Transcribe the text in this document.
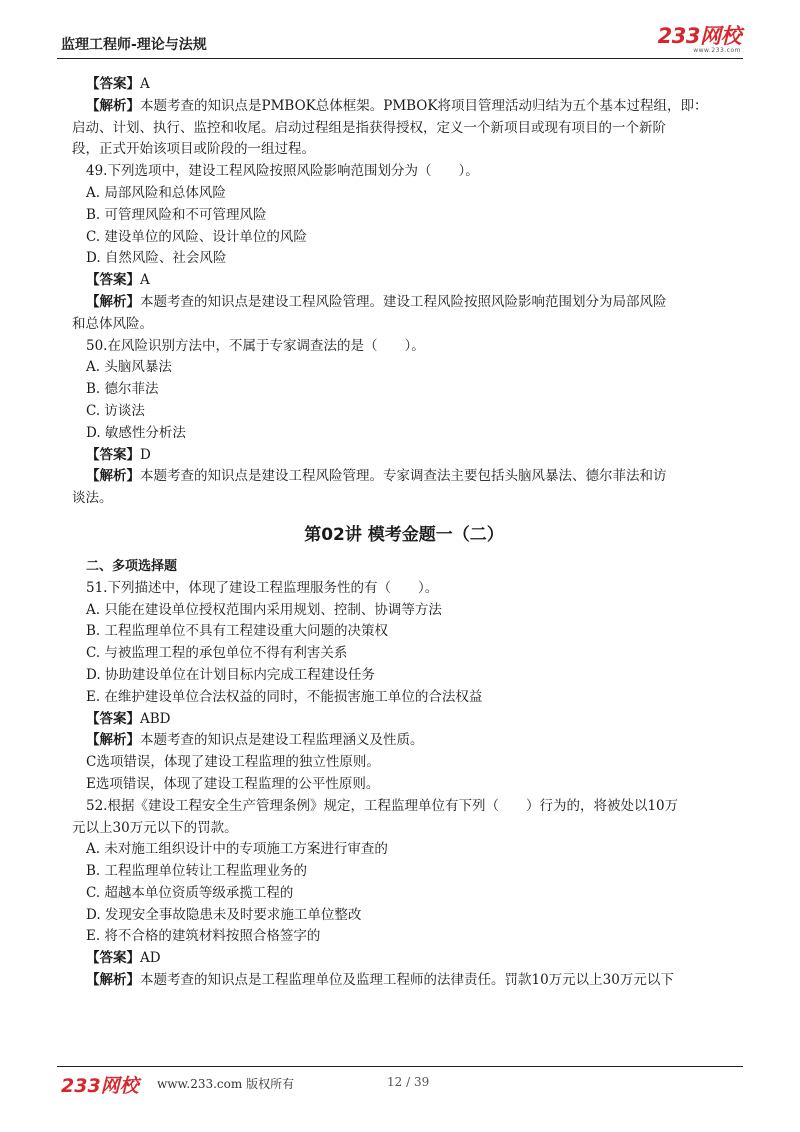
监理工程师-理论与法规	233网校
www.233.com
【答案】A
【解析】本题考查的知识点是PMBOK总体框架。PMBOK将项目管理活动归结为五个基本过程组，即：
启动、计划、执行、监控和收尾。启动过程组是指获得授权，定义一个新项目或现有项目的一个新阶
段，正式开始该项目或阶段的一组过程。
49.下列选项中，建设工程风险按照风险影响范围划分为（　　）。
A. 局部风险和总体风险
B. 可管理风险和不可管理风险
C. 建设单位的风险、设计单位的风险
D. 自然风险、社会风险
【答案】A
【解析】本题考查的知识点是建设工程风险管理。建设工程风险按照风险影响范围划分为局部风险
和总体风险。
50.在风险识别方法中，不属于专家调查法的是（　　）。
A. 头脑风暴法
B. 德尔菲法
C. 访谈法
D. 敏感性分析法
【答案】D
【解析】本题考查的知识点是建设工程风险管理。专家调查法主要包括头脑风暴法、德尔菲法和访
谈法。
第02讲 模考金题一（二）
二、多项选择题
51.下列描述中，体现了建设工程监理服务性的有（　　）。
A. 只能在建设单位授权范围内采用规划、控制、协调等方法
B. 工程监理单位不具有工程建设重大问题的决策权
C. 与被监理工程的承包单位不得有利害关系
D. 协助建设单位在计划目标内完成工程建设任务
E. 在维护建设单位合法权益的同时，不能损害施工单位的合法权益
【答案】ABD
【解析】本题考查的知识点是建设工程监理涵义及性质。
C选项错误，体现了建设工程监理的独立性原则。
E选项错误，体现了建设工程监理的公平性原则。
52.根据《建设工程安全生产管理条例》规定，工程监理单位有下列（　　）行为的，将被处以10万
元以上30万元以下的罚款。
A. 未对施工组织设计中的专项施工方案进行审查的
B. 工程监理单位转让工程监理业务的
C. 超越本单位资质等级承揽工程的
D. 发现安全事故隐患未及时要求施工单位整改
E. 将不合格的建筑材料按照合格签字的
【答案】AD
【解析】本题考查的知识点是工程监理单位及监理工程师的法律责任。罚款10万元以上30万元以下
233网校 www.233.com 版权所有	12 / 39
